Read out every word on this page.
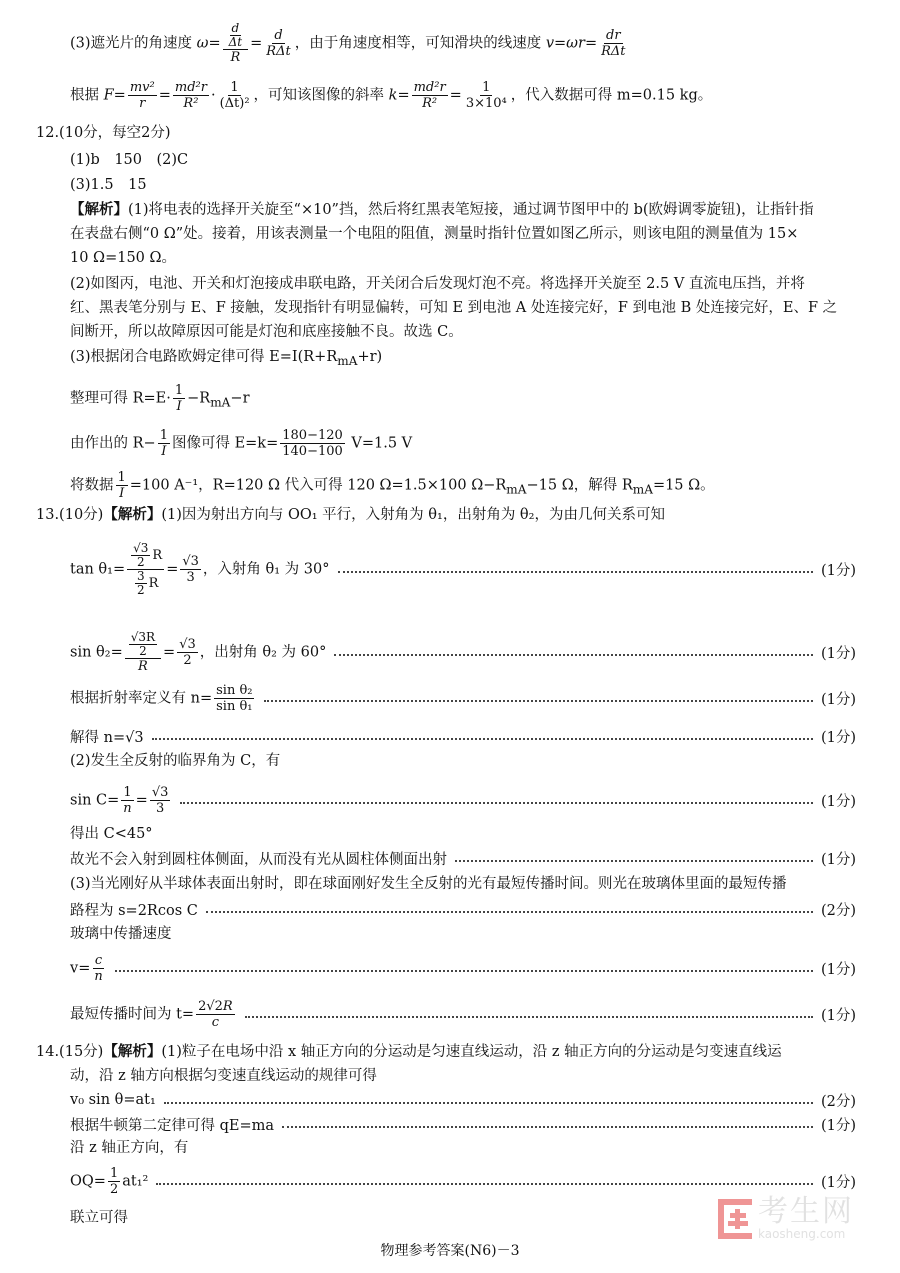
(3)遮光片的角速度 $\omega= \frac{\frac{d}{\Delta t}}{R} = \frac{d}{\text{RΔt}}$ ，由于角速度相等，可知滑块的线速度 $v=\omega r= \frac{dr}{\text{RΔt}}$
根据 $F= \frac{\text{mv²}}{r} = \frac{\text{md²r}}{\text{R²}} \cdot \frac{1}{\text{(Δt)²}}$ ，可知该图像的斜率 $k= \frac{\text{md²r}}{\text{R²}} = \frac{1}{\text{3×10⁴}}$ ，代入数据可得 m=0.15 kg。
12.(10分，每空2分)
(1)b　150　(2)C
(3)1.5　15
【解析】(1)将电表的选择开关旋至“×10”挡，然后将红黑表笔短接，通过调节图甲中的 b(欧姆调零旋钮)，让指针指
在表盘右侧“0 Ω”处。接着，用该表测量一个电阻的阻值，测量时指针位置如图乙所示，则该电阻的测量值为 15×
10 Ω=150 Ω。
(2)如图丙，电池、开关和灯泡接成串联电路，开关闭合后发现灯泡不亮。将选择开关旋至 2.5 V 直流电压挡，并将
红、黑表笔分别与 E、F 接触，发现指针有明显偏转，可知 E 到电池 A 处连接完好，F 到电池 B 处连接完好，E、F 之
间断开，所以故障原因可能是灯泡和底座接触不良。故选 C。
(3)根据闭合电路欧姆定律可得 $E=I(R+R_{mA}+r)$
整理可得 $R=E\cdot \frac{1}{I} -R_{mA}-r$
由作出的 $R- \frac{1}{I}$ 图像可得 $E=k= \frac{180-120}{140-100} V=1.5$ V
将数据 $\frac{1}{I} =100$ A⁻¹，R=120 Ω 代入可得 120 Ω=1.5×100 $\Omega-R_{mA}-15$ Ω，解得 $R_{mA}=15$ Ω。
13.(10分)【解析】(1)因为射出方向与 OO₁ 平行，入射角为 θ₁，出射角为 θ₂，为由几何关系可知
$\tan \theta_1= \frac{\frac{√3}{2} R}{\frac{3}{2} R} = \frac{√3}{3}$ ，入射角 θ₁ 为 30°	(1分)
$\sin \theta_2= \frac{\frac{√3R}{2}}{R} = \frac{√3}{2}$ ，出射角 θ₂ 为 60°	(1分)
根据折射率定义有 $n= \frac{\text{sin θ₂}}{\text{sin θ₁}}$	(1分)
解得 n=√3	(1分)
(2)发生全反射的临界角为 C，有
$\sin C= \frac{1}{n} = \frac{√3}{3}$	(1分)
得出 C<45°
故光不会入射到圆柱体侧面，从而没有光从圆柱体侧面出射	(1分)
(3)当光刚好从半球体表面出射时，即在球面刚好发生全反射的光有最短传播时间。则光在玻璃体里面的最短传播
路程为 s=2Rcos C	(2分)
玻璃中传播速度
$v= \frac{c}{n}$	(1分)
最短传播时间为 $t= \frac{2√2R}{c}$	(1分)
14.(15分)【解析】(1)粒子在电场中沿 x 轴正方向的分运动是匀速直线运动，沿 z 轴正方向的分运动是匀变速直线运
动，沿 z 轴方向根据匀变速直线运动的规律可得
v₀ sin θ=at₁	(2分)
根据牛顿第二定律可得 qE=ma	(1分)
沿 z 轴正方向，有
$OQ= \frac{1}{2} at_1^2$	(1分)
联立可得	考生网
kaosheng.com
物理参考答案(N6)－3
